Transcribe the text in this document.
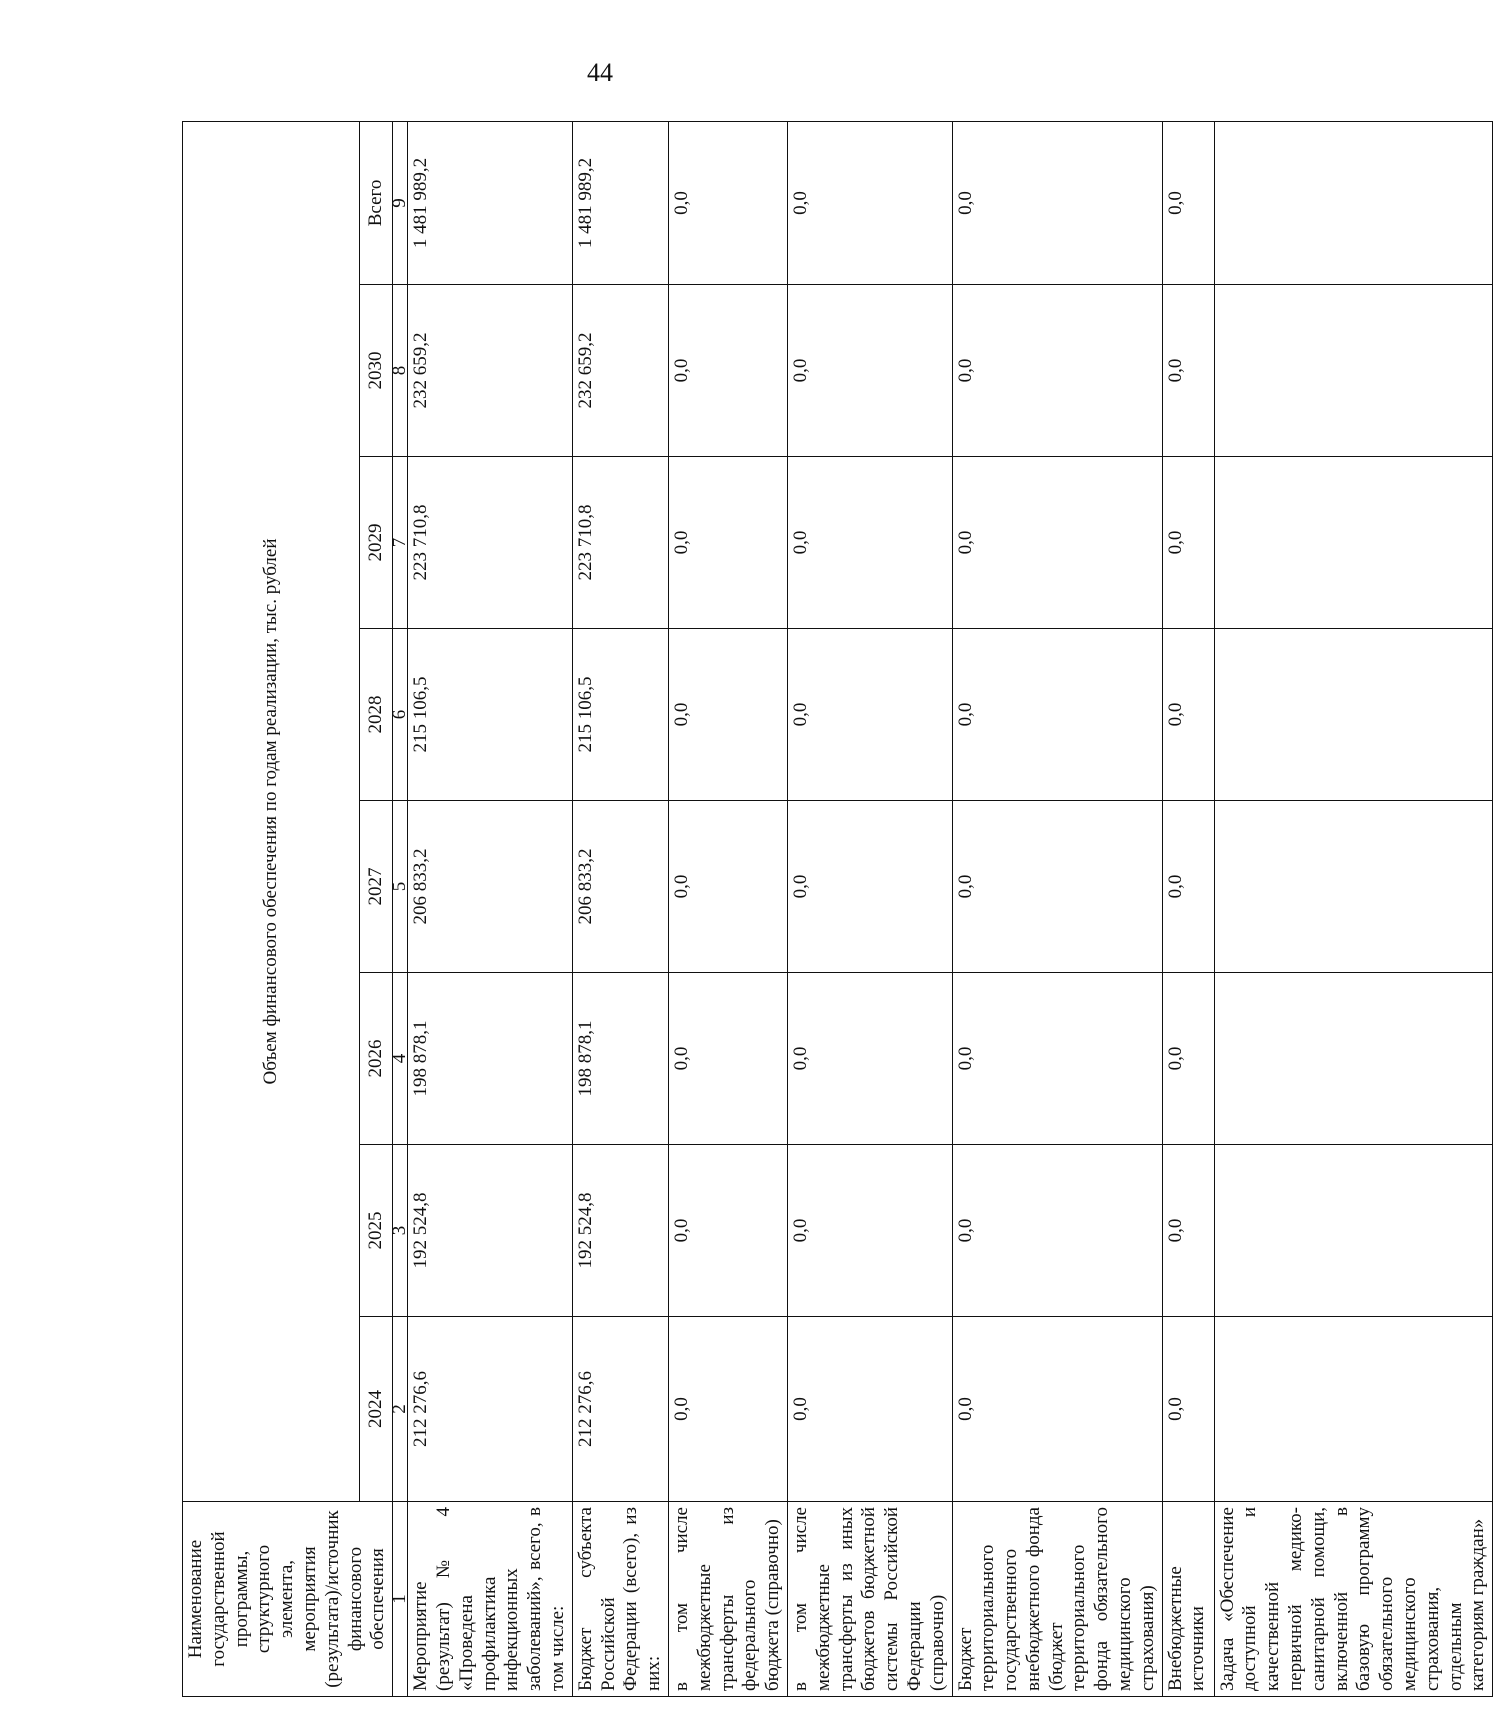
44
Наименование государственной программы, структурного элемента, мероприятия (результата)/источник финансового обеспечения	Объем финансового обеспечения по годам реализации, тыс. рублей							
	2024	2025	2026	2027	2028	2029	2030	Всего
1	2	3	4	5	6	7	8	9
Мероприятие (результат) № 4 «Проведена профилактика инфекционных заболеваний», всего, в том числе:	212 276,6	192 524,8	198 878,1	206 833,2	215 106,5	223 710,8	232 659,2	1 481 989,2
Бюджет субъекта Российской Федерации (всего), из них:	212 276,6	192 524,8	198 878,1	206 833,2	215 106,5	223 710,8	232 659,2	1 481 989,2
в том числе межбюджетные трансферты из федерального бюджета (справочно)	0,0	0,0	0,0	0,0	0,0	0,0	0,0	0,0
в том числе межбюджетные трансферты из иных бюджетов бюджетной системы Российской Федерации (справочно)	0,0	0,0	0,0	0,0	0,0	0,0	0,0	0,0
Бюджет территориального государственного внебюджетного фонда (бюджет территориального фонда обязательного медицинского страхования)	0,0	0,0	0,0	0,0	0,0	0,0	0,0	0,0
Внебюджетные источники	0,0	0,0	0,0	0,0	0,0	0,0	0,0	0,0
Задача «Обеспечение доступной и качественной первичной медико-санитарной помощи, включенной в базовую программу обязательного медицинского страхования, отдельным категориям граждан»								
